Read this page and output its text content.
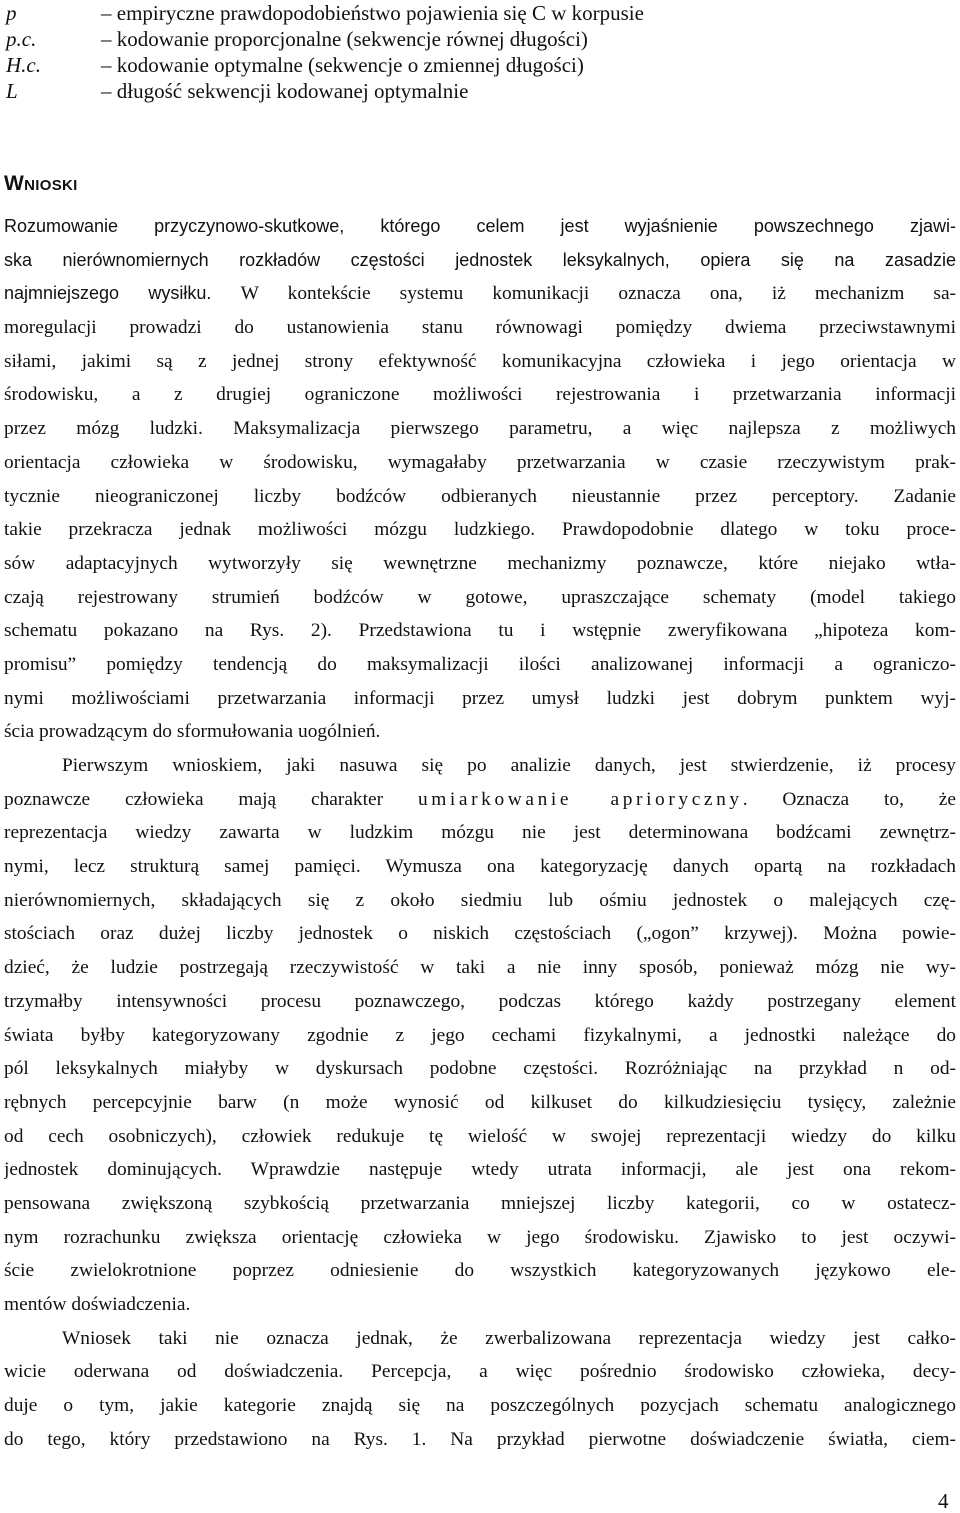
p	– empiryczne prawdopodobieństwo pojawienia się C w korpusie
p.c.	– kodowanie proporcjonalne (sekwencje równej długości)
H.c.	– kodowanie optymalne (sekwencje o zmiennej długości)
L	– długość sekwencji kodowanej optymalnie
Wnioski
Rozumowanie przyczynowo-skutkowe, którego celem jest wyjaśnienie powszechnego zjawi-
ska nierównomiernych rozkładów częstości jednostek leksykalnych, opiera się na zasadzie
najmniejszego wysiłku. W kontekście systemu komunikacji oznacza ona, iż mechanizm sa-
moregulacji prowadzi do ustanowienia stanu równowagi pomiędzy dwiema przeciwstawnymi
siłami, jakimi są z jednej strony efektywność komunikacyjna człowieka i jego orientacja w
środowisku, a z drugiej ograniczone możliwości rejestrowania i przetwarzania informacji
przez mózg ludzki. Maksymalizacja pierwszego parametru, a więc najlepsza z możliwych
orientacja człowieka w środowisku, wymagałaby przetwarzania w czasie rzeczywistym prak-
tycznie nieograniczonej liczby bodźców odbieranych nieustannie przez perceptory. Zadanie
takie przekracza jednak możliwości mózgu ludzkiego. Prawdopodobnie dlatego w toku proce-
sów adaptacyjnych wytworzyły się wewnętrzne mechanizmy poznawcze, które niejako wtła-
czają rejestrowany strumień bodźców w gotowe, upraszczające schematy (model takiego
schematu pokazano na Rys. 2). Przedstawiona tu i wstępnie zweryfikowana „hipoteza kom-
promisu” pomiędzy tendencją do maksymalizacji ilości analizowanej informacji a ograniczo-
nymi możliwościami przetwarzania informacji przez umysł ludzki jest dobrym punktem wyj-
ścia prowadzącym do sformułowania uogólnień.
Pierwszym wnioskiem, jaki nasuwa się po analizie danych, jest stwierdzenie, iż procesy
poznawcze człowieka mają charakter umiarkowanie aprioryczny. Oznacza to, że
reprezentacja wiedzy zawarta w ludzkim mózgu nie jest determinowana bodźcami zewnętrz-
nymi, lecz strukturą samej pamięci. Wymusza ona kategoryzację danych opartą na rozkładach
nierównomiernych, składających się z około siedmiu lub ośmiu jednostek o malejących czę-
stościach oraz dużej liczby jednostek o niskich częstościach („ogon” krzywej). Można powie-
dzieć, że ludzie postrzegają rzeczywistość w taki a nie inny sposób, ponieważ mózg nie wy-
trzymałby intensywności procesu poznawczego, podczas którego każdy postrzegany element
świata byłby kategoryzowany zgodnie z jego cechami fizykalnymi, a jednostki należące do
pól leksykalnych miałyby w dyskursach podobne częstości. Rozróżniając na przykład n od-
rębnych percepcyjnie barw (n może wynosić od kilkuset do kilkudziesięciu tysięcy, zależnie
od cech osobniczych), człowiek redukuje tę wielość w swojej reprezentacji wiedzy do kilku
jednostek dominujących. Wprawdzie następuje wtedy utrata informacji, ale jest ona rekom-
pensowana zwiększoną szybkością przetwarzania mniejszej liczby kategorii, co w ostatecz-
nym rozrachunku zwiększa orientację człowieka w jego środowisku. Zjawisko to jest oczywi-
ście zwielokrotnione poprzez odniesienie do wszystkich kategoryzowanych językowo ele-
mentów doświadczenia.
Wniosek taki nie oznacza jednak, że zwerbalizowana reprezentacja wiedzy jest całko-
wicie oderwana od doświadczenia. Percepcja, a więc pośrednio środowisko człowieka, decy-
duje o tym, jakie kategorie znajdą się na poszczególnych pozycjach schematu analogicznego
do tego, który przedstawiono na Rys. 1. Na przykład pierwotne doświadczenie światła, ciem-
4
